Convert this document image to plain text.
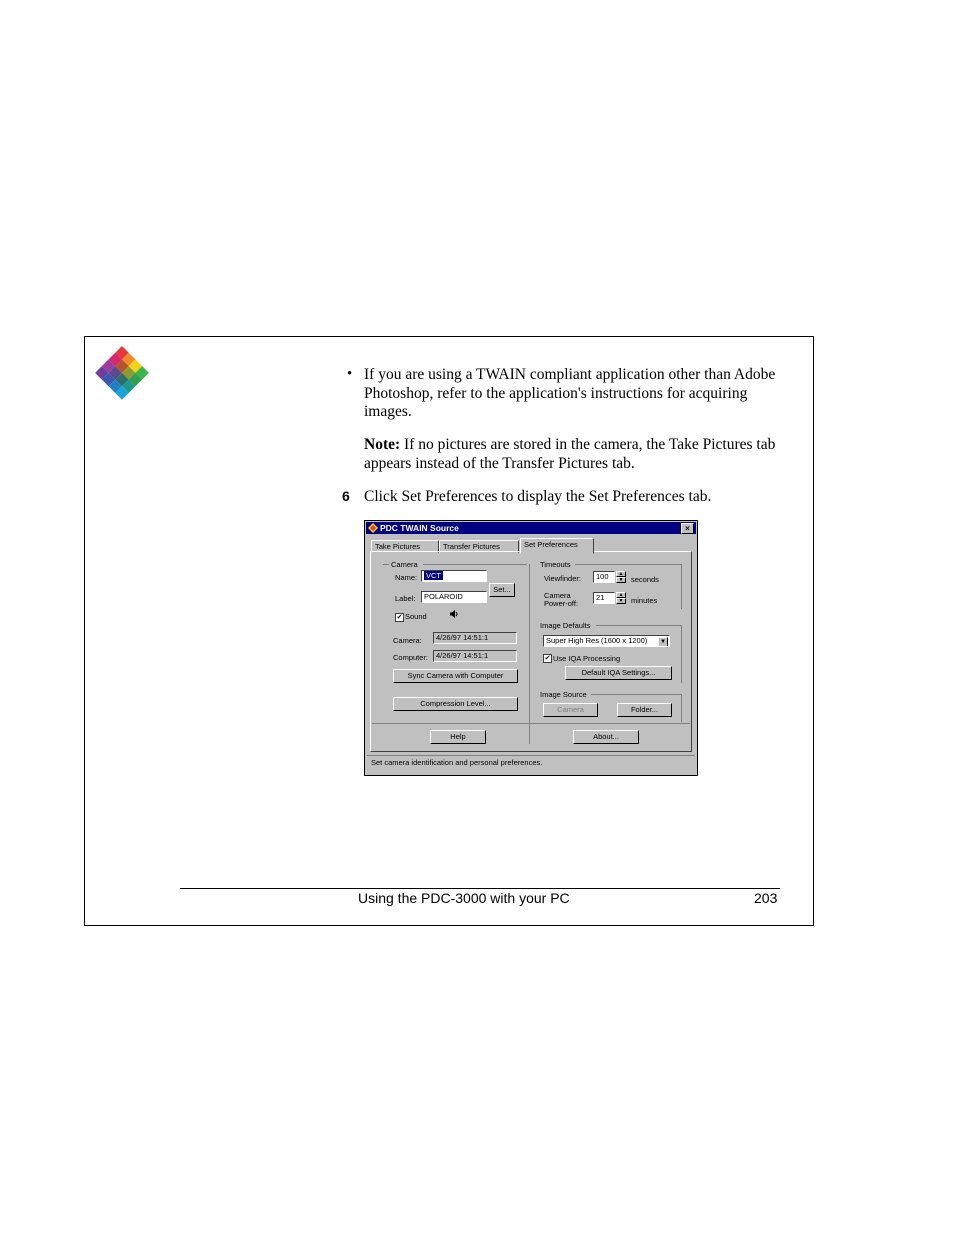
• If you are using a TWAIN compliant application other than Adobe Photoshop, refer to the application's instructions for acquiring images.
Note: If no pictures are stored in the camera, the Take Pictures tab appears instead of the Transfer Pictures tab.
6 Click Set Preferences to display the Set Preferences tab.
PDC TWAIN Source	×
Take Pictures	Transfer Pictures	Set Preferences
Camera
Name:	VCT
Label:	POLAROID
Set...
✔ Sound
Camera:	4/26/97 14:51:1
Computer:	4/26/97 14:51:1
Sync Camera with Computer
Compression Level...
Timeouts
Viewfinder:	100	▲
▼	seconds
Camera
Power-off:
21	▲
▼	minutes
Image Defaults
Super High Res (1600 x 1200)	▼
✔ Use IQA Processing
Default IQA Settings...
Image Source
Camera	Folder...
Help	About...
Set camera identification and personal preferences.
Using the PDC-3000 with your PC	203
